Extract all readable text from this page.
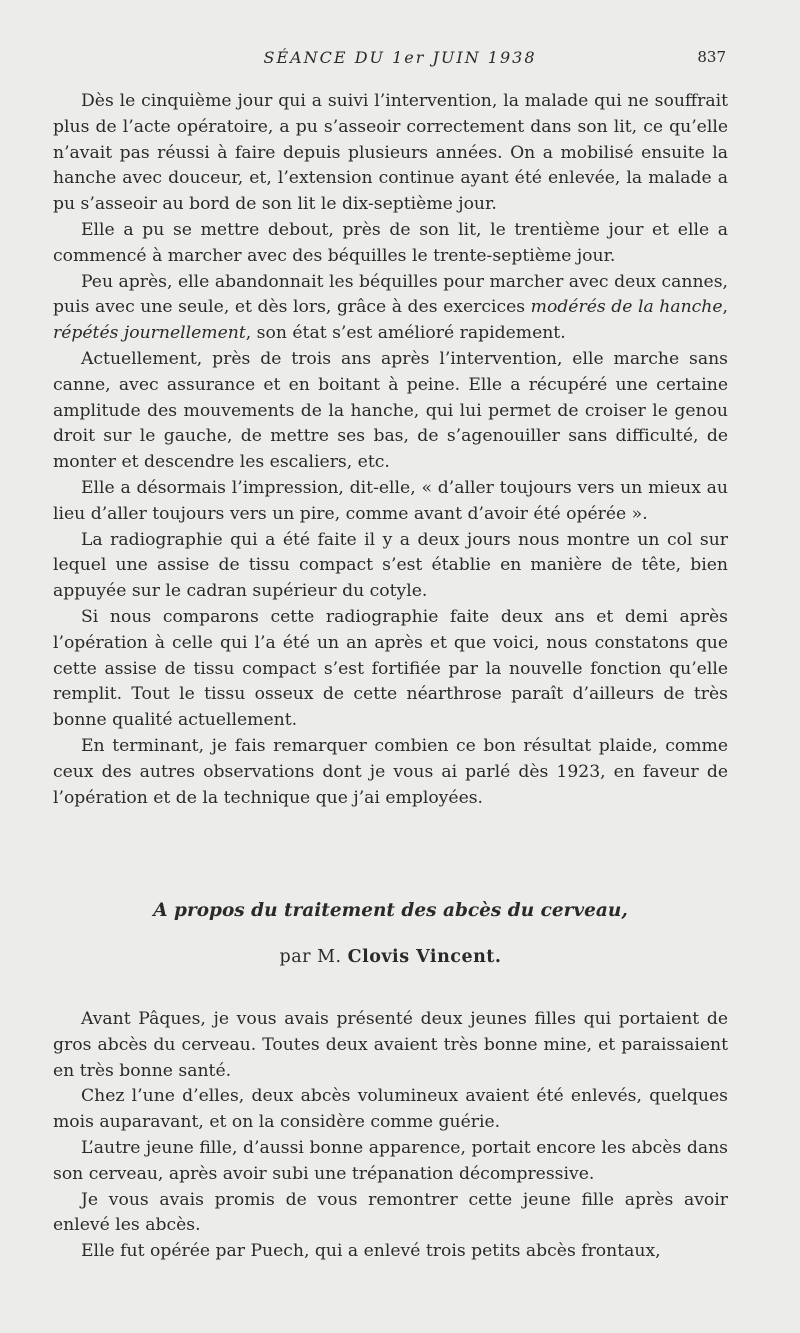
SÉANCE DU 1er JUIN 1938	837

Dès le cinquième jour qui a suivi l’intervention, la malade qui ne souffrait plus de l’acte opératoire, a pu s’asseoir correctement dans son lit, ce qu’elle n’avait pas réussi à faire depuis plusieurs années. On a mobilisé ensuite la hanche avec douceur, et, l’extension continue ayant été enlevée, la malade a pu s’asseoir au bord de son lit le dix-septième jour.

Elle a pu se mettre debout, près de son lit, le trentième jour et elle a commencé à marcher avec des béquilles le trente-septième jour.

Peu après, elle abandonnait les béquilles pour marcher avec deux cannes, puis avec une seule, et dès lors, grâce à des exercices modérés de la hanche, répétés journellement, son état s’est amélioré rapidement.

Actuellement, près de trois ans après l’intervention, elle marche sans canne, avec assurance et en boitant à peine. Elle a récupéré une certaine amplitude des mouvements de la hanche, qui lui permet de croiser le genou droit sur le gauche, de mettre ses bas, de s’agenouiller sans difficulté, de monter et descendre les escaliers, etc.

Elle a désormais l’impression, dit-elle, « d’aller toujours vers un mieux au lieu d’aller toujours vers un pire, comme avant d’avoir été opérée ».

La radiographie qui a été faite il y a deux jours nous montre un col sur lequel une assise de tissu compact s’est établie en manière de tête, bien appuyée sur le cadran supérieur du cotyle.

Si nous comparons cette radiographie faite deux ans et demi après l’opération à celle qui l’a été un an après et que voici, nous constatons que cette assise de tissu compact s’est fortifiée par la nouvelle fonction qu’elle remplit. Tout le tissu osseux de cette néarthrose paraît d’ailleurs de très bonne qualité actuellement.

En terminant, je fais remarquer combien ce bon résultat plaide, comme ceux des autres observations dont je vous ai parlé dès 1923, en faveur de l’opération et de la technique que j’ai employées.

A propos du traitement des abcès du cerveau,

par M. Clovis Vincent.

Avant Pâques, je vous avais présenté deux jeunes filles qui portaient de gros abcès du cerveau. Toutes deux avaient très bonne mine, et paraissaient en très bonne santé.

Chez l’une d’elles, deux abcès volumineux avaient été enlevés, quelques mois auparavant, et on la considère comme guérie.

L’autre jeune fille, d’aussi bonne apparence, portait encore les abcès dans son cerveau, après avoir subi une trépanation décompressive.

Je vous avais promis de vous remontrer cette jeune fille après avoir enlevé les abcès.

Elle fut opérée par Puech, qui a enlevé trois petits abcès frontaux,
